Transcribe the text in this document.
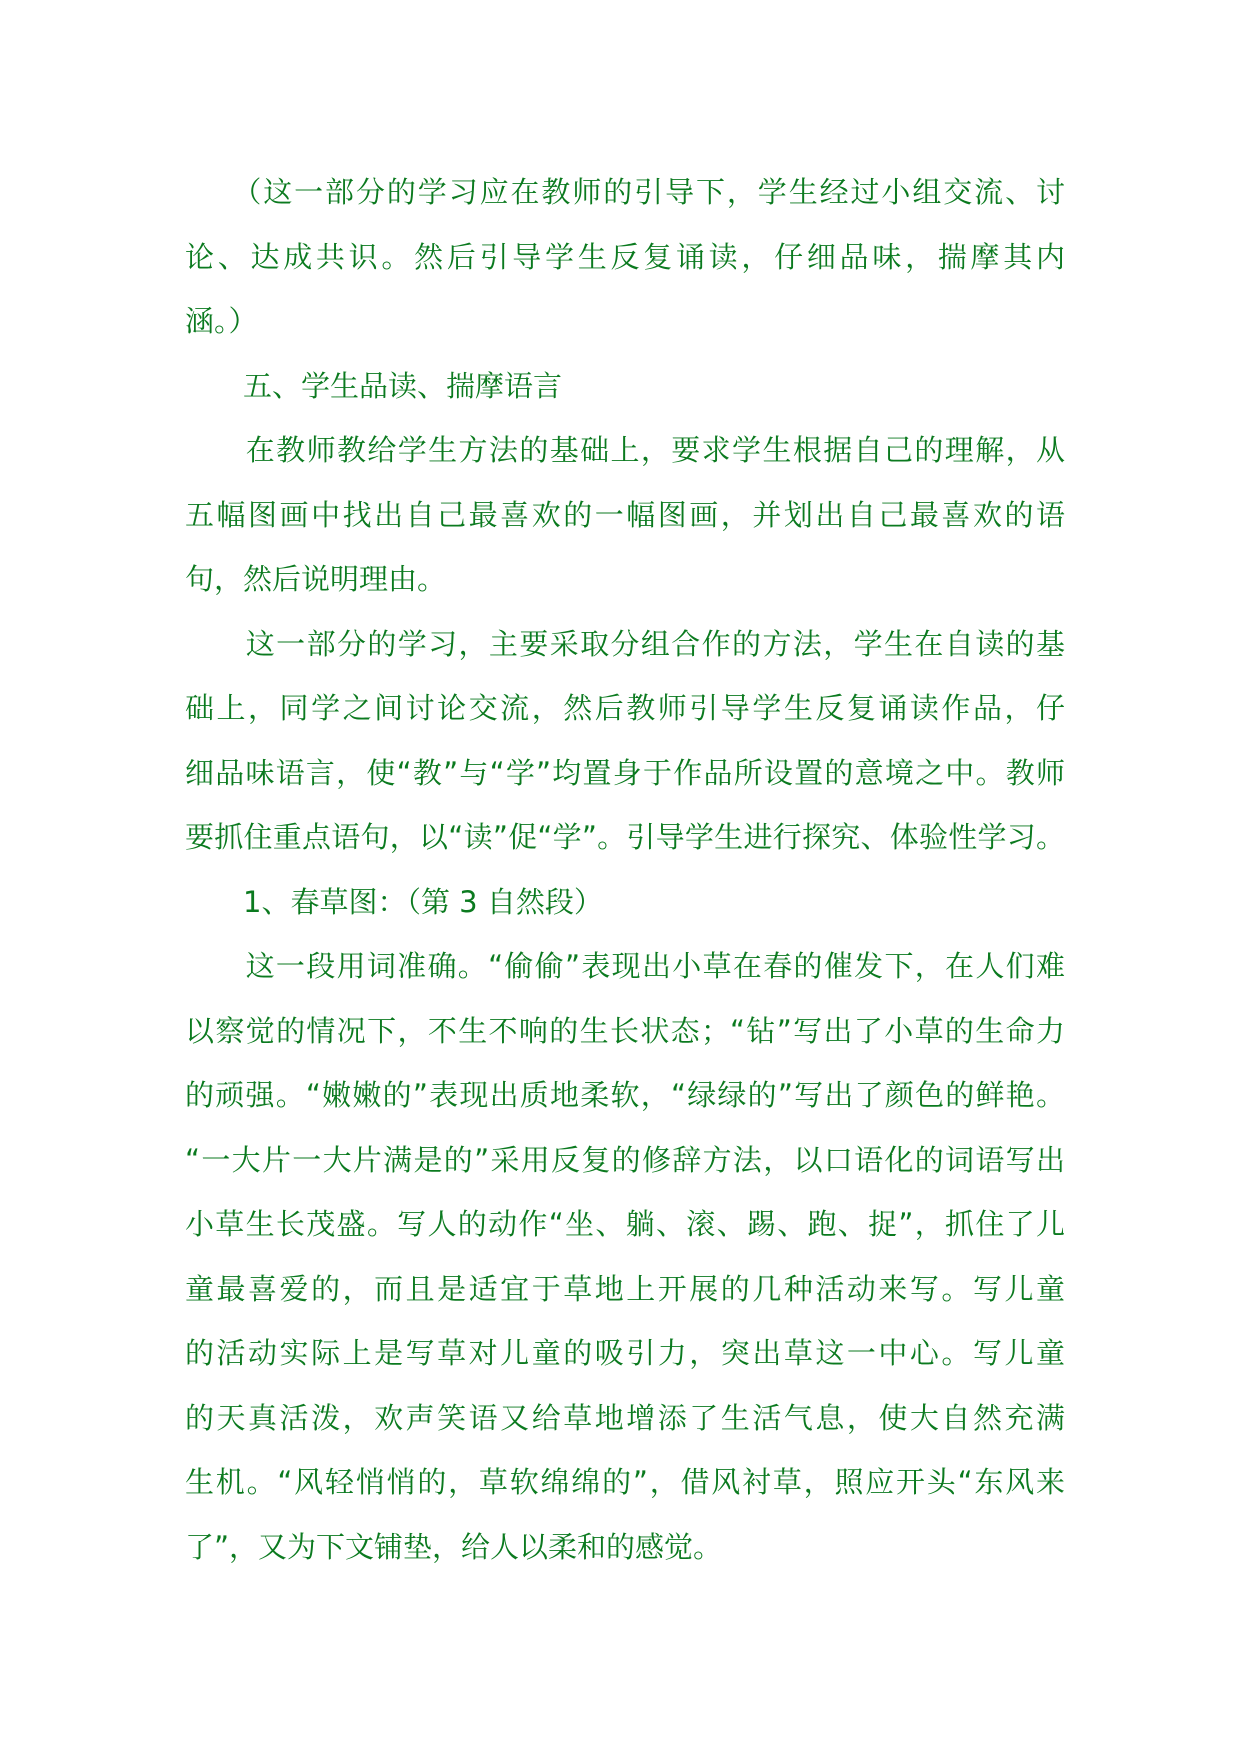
　　（这一部分的学习应在教师的引导下，学生经过小组交流、讨
论、达成共识。然后引导学生反复诵读，仔细品味，揣摩其内
涵。）
　　五、学生品读、揣摩语言
　　在教师教给学生方法的基础上，要求学生根据自己的理解，从
五幅图画中找出自己最喜欢的一幅图画，并划出自己最喜欢的语
句，然后说明理由。
　　这一部分的学习，主要采取分组合作的方法，学生在自读的基
础上，同学之间讨论交流，然后教师引导学生反复诵读作品，仔
细品味语言，使“教”与“学”均置身于作品所设置的意境之中。教师
要抓住重点语句，以“读”促“学”。引导学生进行探究、体验性学习。
　　1、春草图：（第 3 自然段）
　　这一段用词准确。“偷偷”表现出小草在春的催发下，在人们难
以察觉的情况下，不生不响的生长状态；“钻”写出了小草的生命力
的顽强。“嫩嫩的”表现出质地柔软，“绿绿的”写出了颜色的鲜艳。
“一大片一大片满是的”采用反复的修辞方法，以口语化的词语写出
小草生长茂盛。写人的动作“坐、躺、滚、踢、跑、捉”，抓住了儿
童最喜爱的，而且是适宜于草地上开展的几种活动来写。写儿童
的活动实际上是写草对儿童的吸引力，突出草这一中心。写儿童
的天真活泼，欢声笑语又给草地增添了生活气息，使大自然充满
生机。“风轻悄悄的，草软绵绵的”，借风衬草，照应开头“东风来
了”，又为下文铺垫，给人以柔和的感觉。
